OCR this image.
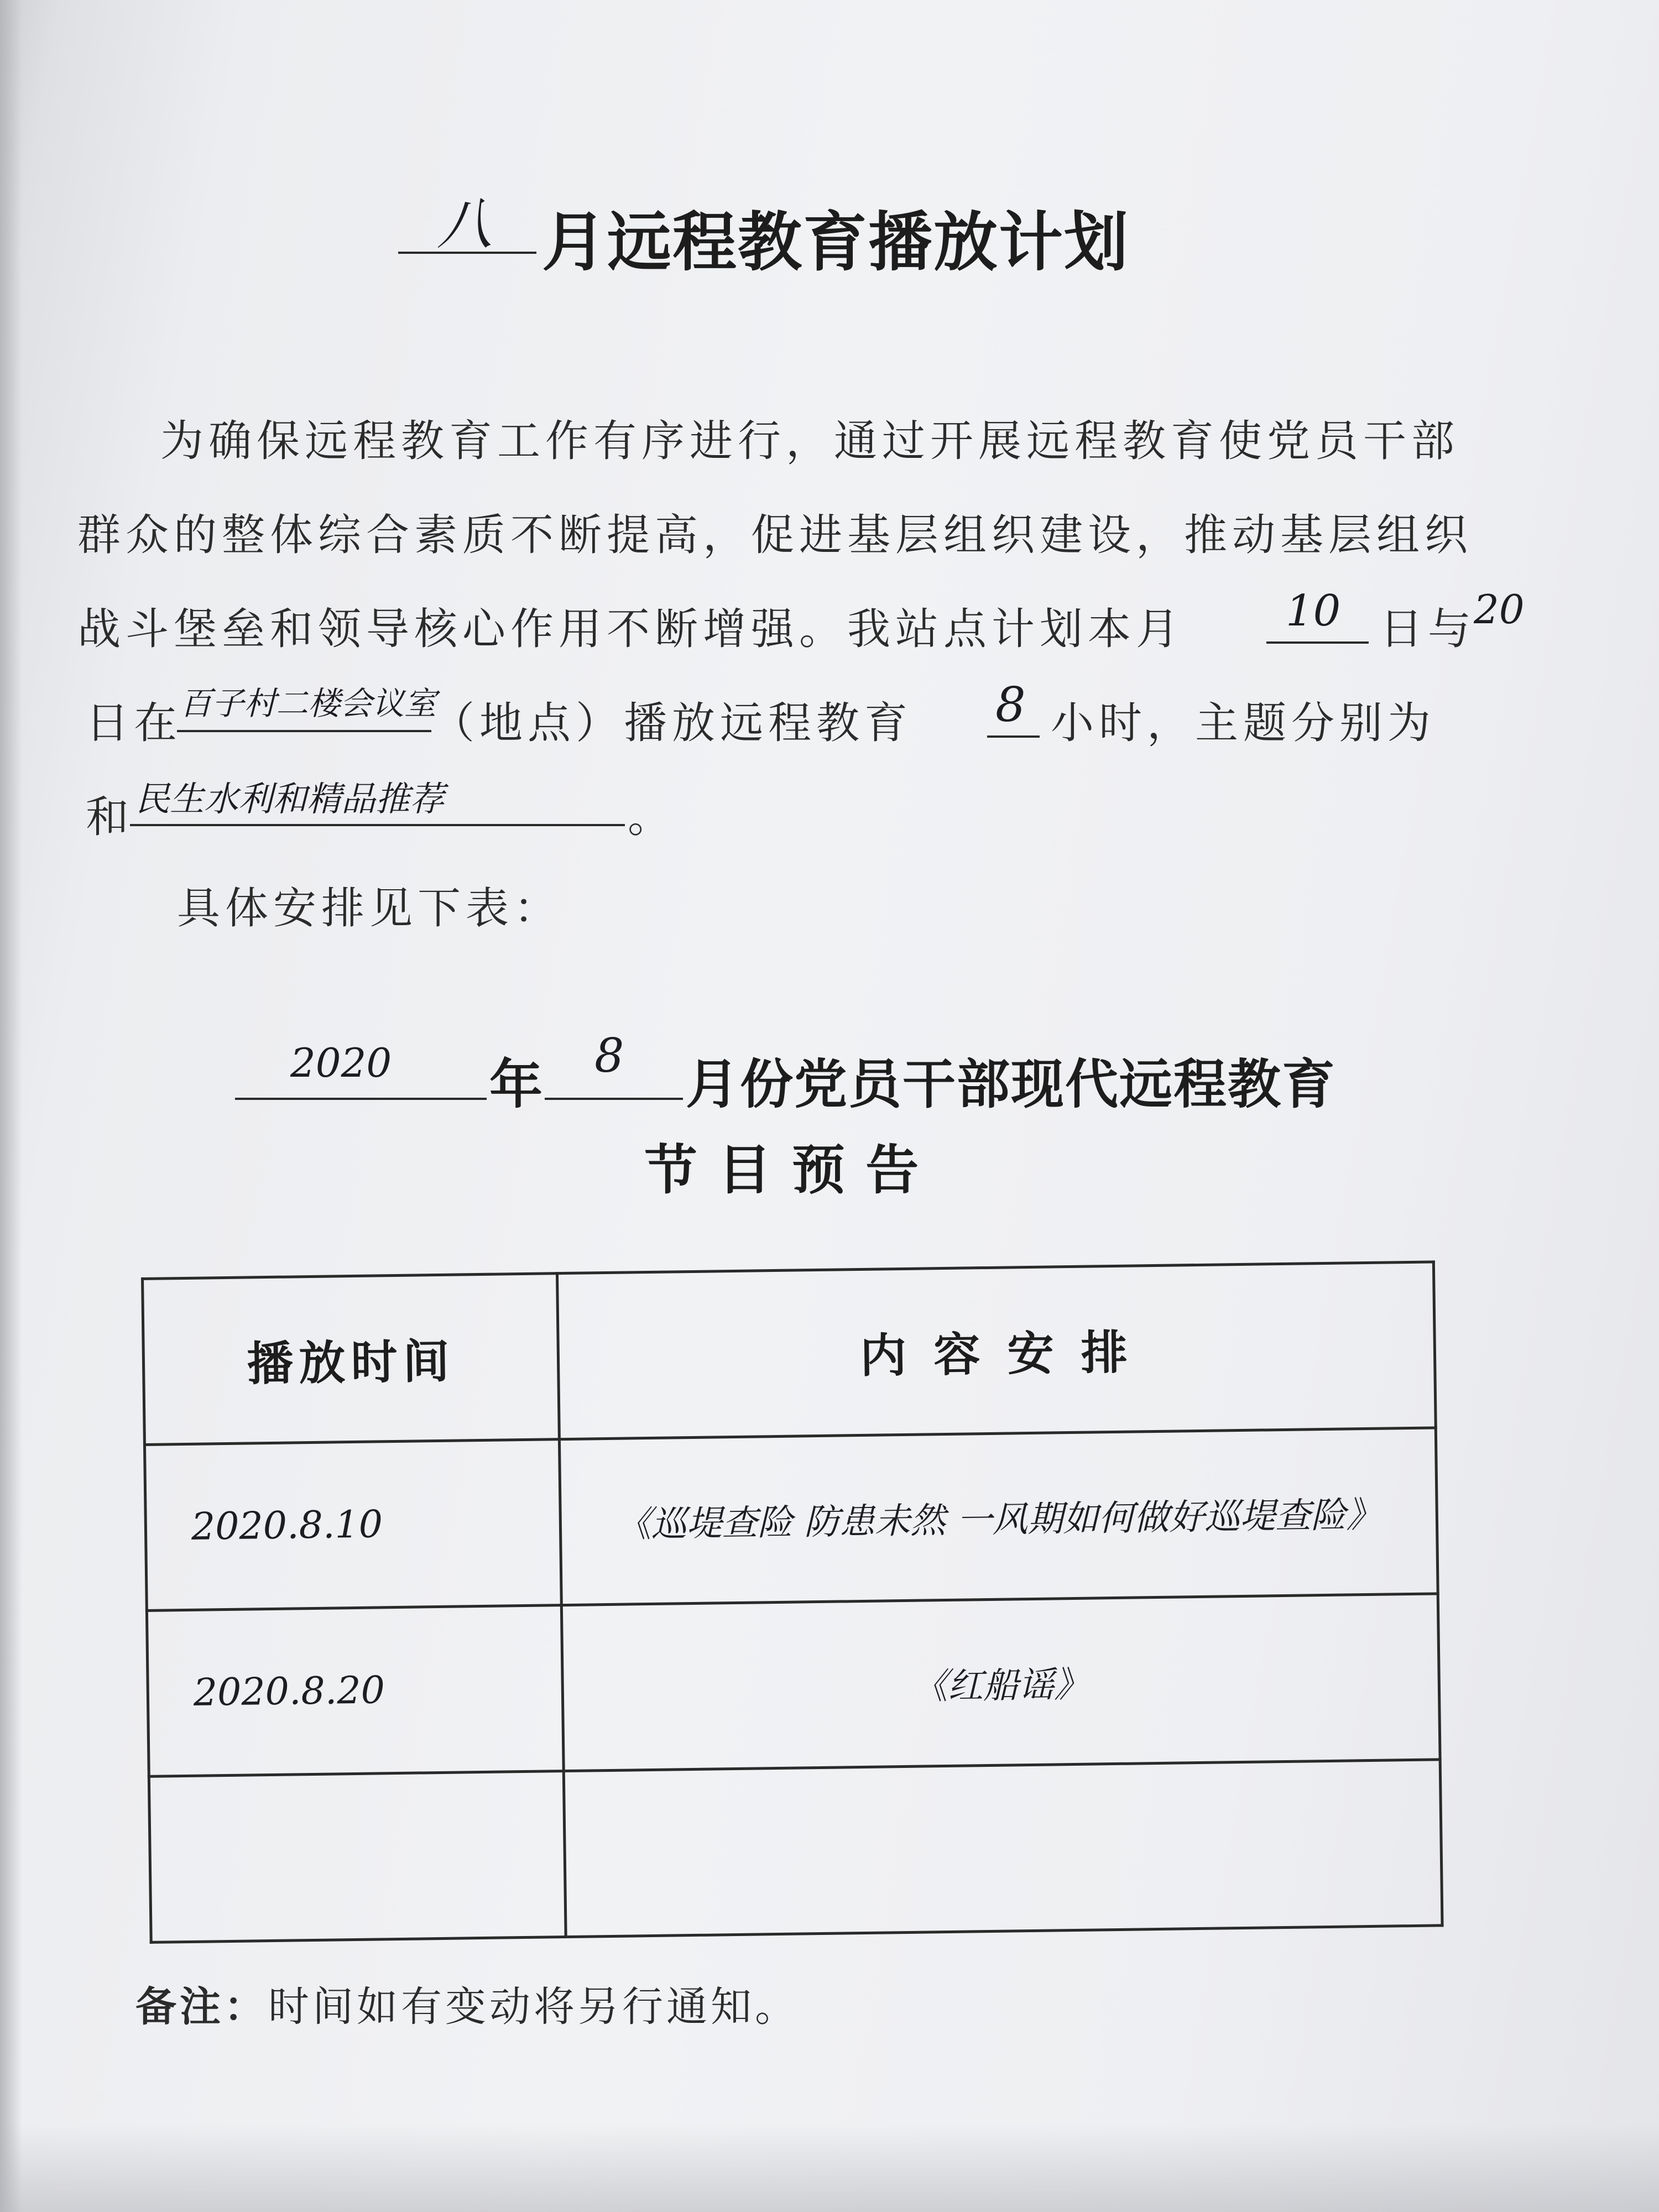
八 月远程教育播放计划
为确保远程教育工作有序进行，通过开展远程教育使党员干部
群众的整体综合素质不断提高，促进基层组织建设，推动基层组织
战斗堡垒和领导核心作用不断增强。我站点计划本月 10 日与
20
日在
百子村二楼会议室
（地点）播放远程教育 8 小时，主题分别为
和 民生水利和精品推荐	。
具体安排见下表：
2020 年 8 月份党员干部现代远程教育
节 目 预 告
播放时间	内 容 安 排
2020.8.10	《巡堤查险 防患未然 一风期如何做好巡堤查险》
2020.8.20	《红船谣》

备注：时间如有变动将另行通知。
